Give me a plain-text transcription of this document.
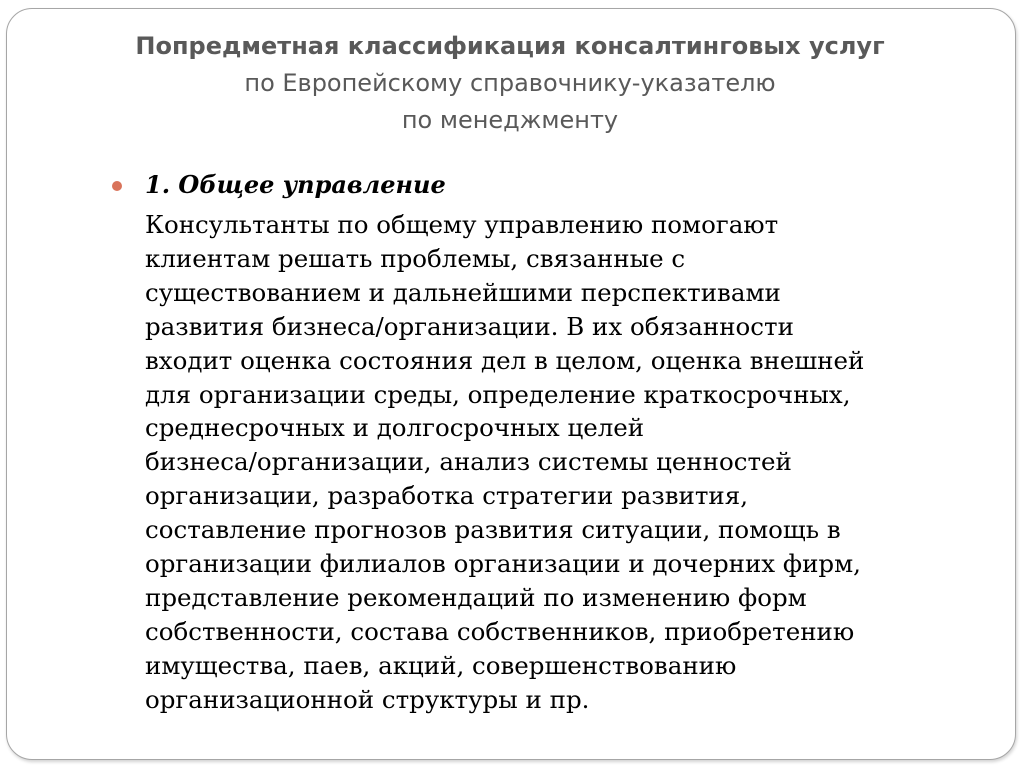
Попредметная классификация консалтинговых услуг
по Европейскому справочнику-указателю
по менеджменту
1. Общее управление
Консультанты по общему управлению помогают
клиентам решать проблемы, связанные с
существованием и дальнейшими перспективами
развития бизнеса/организации. В их обязанности
входит оценка состояния дел в целом, оценка внешней
для организации среды, определение краткосрочных,
среднесрочных и долгосрочных целей
бизнеса/организации, анализ системы ценностей
организации, разработка стратегии развития,
составление прогнозов развития ситуации, помощь в
организации филиалов организации и дочерних фирм,
представление рекомендаций по изменению форм
собственности, состава собственников, приобретению
имущества, паев, акций, совершенствованию
организационной структуры и пр.
